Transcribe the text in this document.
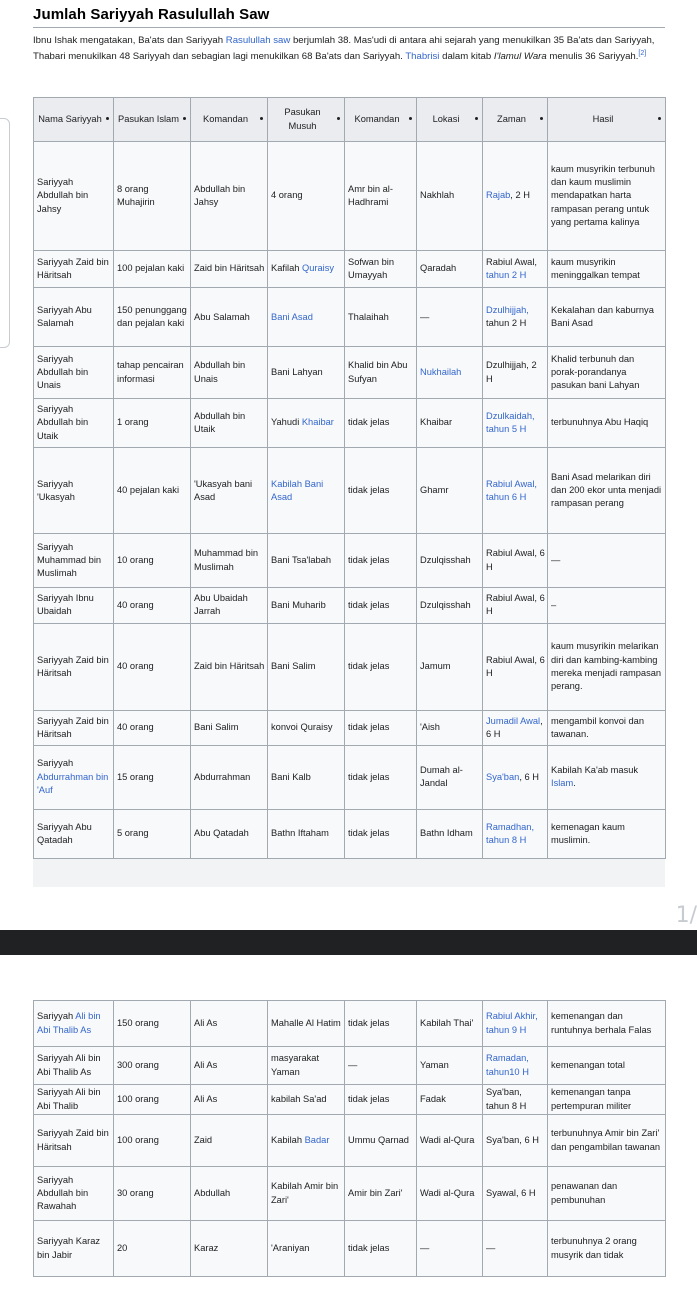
Jumlah Sariyyah Rasulullah Saw

Ibnu Ishak mengatakan, Ba'ats dan Sariyyah Rasulullah saw berjumlah 38. Mas'udi di antara ahi sejarah yang menukilkan 35 Ba'ats dan Sariyyah, Thabari menukilkan 48 Sariyyah dan sebagian lagi menukilkan 68 Ba'ats dan Sariyyah. Thabrisi dalam kitab I'lamul Wara menulis 36 Sariyyah.[2]

Nama Sariyyah	Pasukan Islam	Komandan	Pasukan Musuh	Komandan	Lokasi	Zaman	Hasil

Sariyyah Abdullah bin Jahsy	8 orang Muhajirin	Abdullah bin Jahsy	4 orang	Amr bin al-Hadhrami	Nakhlah	Rajab, 2 H	kaum musyrikin terbunuh dan kaum muslimin mendapatkan harta rampasan perang untuk yang pertama kalinya
Sariyyah Zaid bin Häritsah	100 pejalan kaki	Zaid bin Häritsah	Kafilah Quraisy	Sofwan bin Umayyah	Qaradah	Rabiul Awal, tahun 2 H	kaum musyrikin meninggalkan tempat
Sariyyah Abu Salamah	150 penunggang dan pejalan kaki	Abu Salamah	Bani Asad	Thalaihah	—	Dzulhijjah, tahun 2 H	Kekalahan dan kaburnya Bani Asad
Sariyyah Abdullah bin Unais	tahap pencairan informasi	Abdullah bin Unais	Bani Lahyan	Khalid bin Abu Sufyan	Nukhailah	Dzulhijjah, 2 H	Khalid terbunuh dan porak-porandanya pasukan bani Lahyan
Sariyyah Abdullah bin Utaik	1 orang	Abdullah bin Utaik	Yahudi Khaibar	tidak jelas	Khaibar	Dzulkaidah, tahun 5 H	terbunuhnya Abu Haqiq
Sariyyah 'Ukasyah	40 pejalan kaki	'Ukasyah bani Asad	Kabilah Bani Asad	tidak jelas	Ghamr	Rabiul Awal, tahun 6 H	Bani Asad melarikan diri dan 200 ekor unta menjadi rampasan perang
Sariyyah Muhammad bin Muslimah	10 orang	Muhammad bin Muslimah	Bani Tsa'labah	tidak jelas	Dzulqisshah	Rabiul Awal, 6 H	—
Sariyyah Ibnu Ubaidah	40 orang	Abu Ubaidah Jarrah	Bani Muharib	tidak jelas	Dzulqisshah	Rabiul Awal, 6 H	–
Sariyyah Zaid bin Häritsah	40 orang	Zaid bin Häritsah	Bani Salim	tidak jelas	Jamum	Rabiul Awal, 6 H	kaum musyrikin melarikan diri dan kambing-kambing mereka menjadi rampasan perang.
Sariyyah Zaid bin Häritsah	40 orang	Bani Salim	konvoi Quraisy	tidak jelas	'Aish	Jumadil Awal, 6 H	mengambil konvoi dan tawanan.
Sariyyah Abdurrahman bin 'Auf	15 orang	Abdurrahman	Bani Kalb	tidak jelas	Dumah al-Jandal	Sya'ban, 6 H	Kabilah Ka'ab masuk Islam.
Sariyyah Abu Qatadah	5 orang	Abu Qatadah	Bathn Iftaham	tidak jelas	Bathn Idham	Ramadhan, tahun 8 H	kemenagan kaum muslimin.
1/
Sariyyah Ali bin Abi Thalib As	150 orang	Ali As	Mahalle Al Hatim	tidak jelas	Kabilah Thai'	Rabiul Akhir, tahun 9 H	kemenangan dan runtuhnya berhala Falas
Sariyyah Ali bin Abi Thalib As	300 orang	Ali As	masyarakat Yaman	—	Yaman	Ramadan, tahun10 H	kemenangan total
Sariyyah Ali bin Abi Thalib	100 orang	Ali As	kabilah Sa'ad	tidak jelas	Fadak	Sya'ban, tahun 8 H	kemenangan tanpa pertempuran militer
Sariyyah Zaid bin Häritsah	100 orang	Zaid	Kabilah Badar	Ummu Qarnad	Wadi al-Qura	Sya'ban, 6 H	terbunuhnya Amir bin Zari' dan pengambilan tawanan
Sariyyah Abdullah bin Rawahah	30 orang	Abdullah	Kabilah Amir bin Zari'	Amir bin Zari'	Wadi al-Qura	Syawal, 6 H	penawanan dan pembunuhan
Sariyyah Karaz bin Jabir	20	Karaz	'Araniyan	tidak jelas	—	—	terbunuhnya 2 orang musyrik dan tidak
